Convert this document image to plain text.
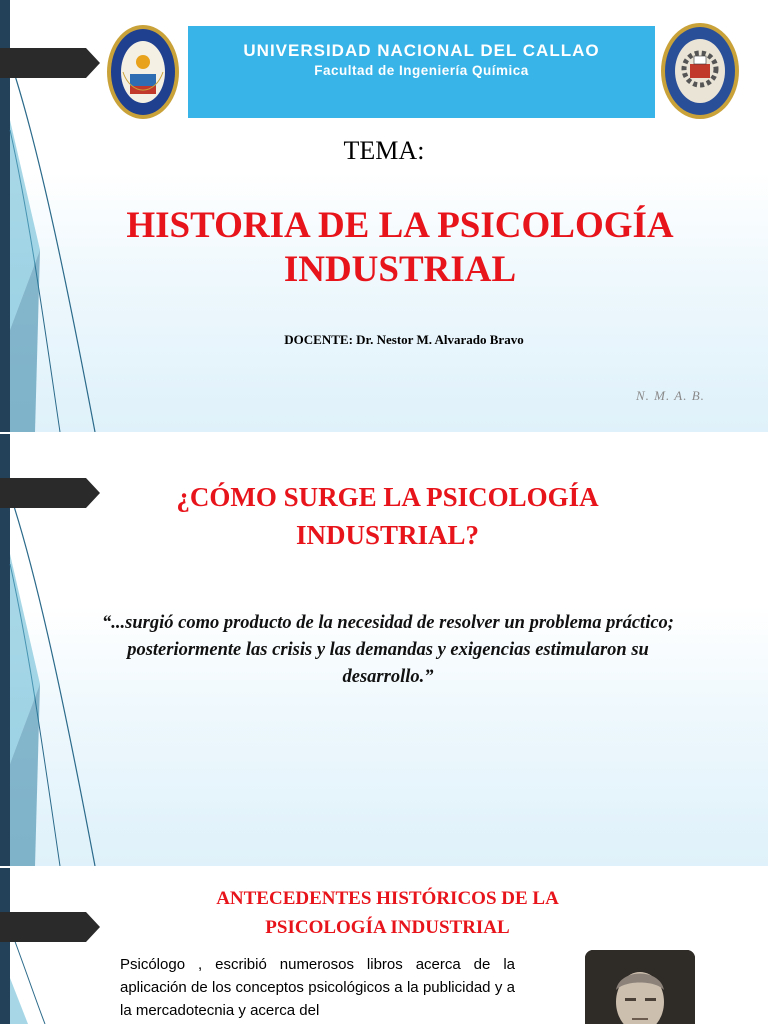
UNIVERSIDAD NACIONAL DEL CALLAO
Facultad de Ingeniería Química
TEMA:
HISTORIA DE LA PSICOLOGÍA
INDUSTRIAL
DOCENTE: Dr. Nestor M. Alvarado Bravo
N. M. A. B.
¿CÓMO SURGE LA PSICOLOGÍA
INDUSTRIAL?
“...surgió como producto de la necesidad de resolver un problema práctico;
posteriormente las crisis y las demandas y exigencias estimularon su
desarrollo.”
ANTECEDENTES HISTÓRICOS DE LA
PSICOLOGÍA INDUSTRIAL
Psicólogo , escribió numerosos libros acerca de la aplicación de los conceptos psicológicos a la publicidad y a la mercadotecnia y acerca del
